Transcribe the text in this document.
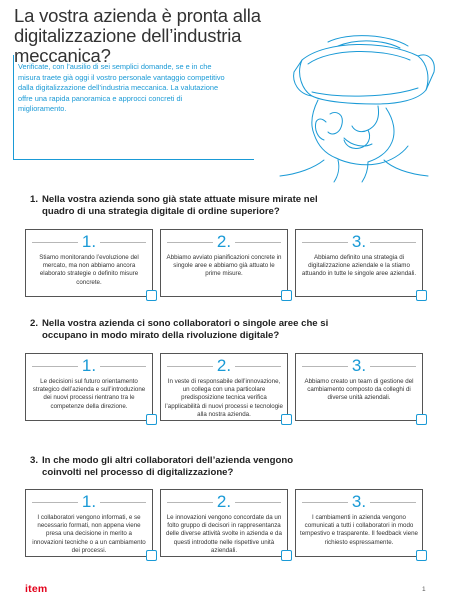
La vostra azienda è pronta alla digitalizzazione dell’industria meccanica?
Verificate, con l’ausilio di sei semplici domande, se e in che misura traete già oggi il vostro personale vantaggio competitivo dalla digitalizzazione dell’industria meccanica. La valutazione offre una rapida panoramica e approcci concreti di miglioramento.
1. Nella vostra azienda sono già state attuate misure mirate nel quadro di una strategia digitale di ordine superiore?
1.
Stiamo monitorando l’evoluzione del mercato, ma non abbiamo ancora elaborato strategie o definito misure concrete.
2.
Abbiamo avviato pianificazioni concrete in singole aree e abbiamo già attuato le prime misure.
3.
Abbiamo definito una strategia di digitalizzazione aziendale e la stiamo attuando in tutte le singole aree aziendali.
2. Nella vostra azienda ci sono collaboratori o singole aree che si occupano in modo mirato della rivoluzione digitale?
1.
Le decisioni sul futuro orientamento strategico dell’azienda e sull’introduzione dei nuovi processi rientrano tra le competenze della direzione.
2.
In veste di responsabile dell’innovazione, un collega con una particolare predisposizione tecnica verifica l’applicabilità di nuovi processi e tecnologie alla nostra azienda.
3.
Abbiamo creato un team di gestione del cambiamento composto da colleghi di diverse unità aziendali.
3. In che modo gli altri collaboratori dell’azienda vengono coinvolti nel processo di digitalizzazione?
1.
I collaboratori vengono informati, e se necessario formati, non appena viene presa una decisione in merito a innovazioni tecniche o a un cambiamento dei processi.
2.
Le innovazioni vengono concordate da un folto gruppo di decisori in rappresentanza delle diverse attività svolte in azienda e da questi introdotte nelle rispettive unità aziendali.
3.
I cambiamenti in azienda vengono comunicati a tutti i collaboratori in modo tempestivo e trasparente. Il feedback viene richiesto espressamente.
item	1
